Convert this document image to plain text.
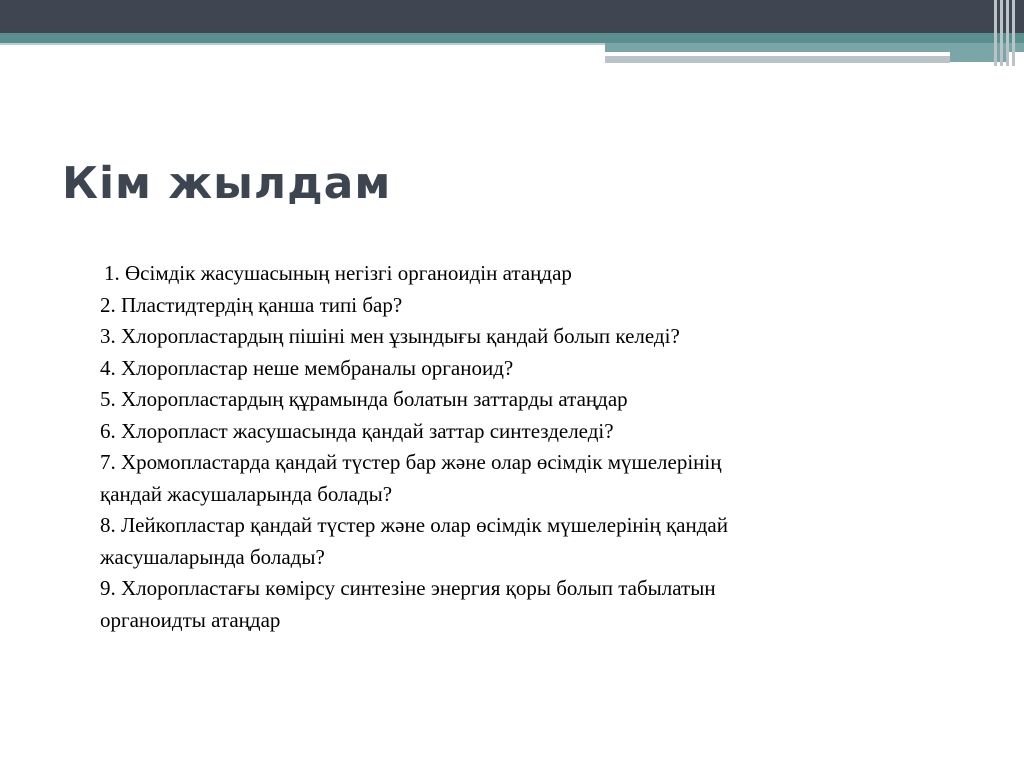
Кім жылдам
1. Өсімдік жасушасының негізгі органоидін атаңдар
2. Пластидтердің қанша типі бар?
3. Хлоропластардың пішіні мен ұзындығы қандай болып келеді?
4. Хлоропластар неше мембраналы органоид?
5. Хлоропластардың құрамында болатын заттарды атаңдар
6. Хлоропласт жасушасында қандай заттар синтезделеді?
7. Хромопластарда қандай түстер бар және олар өсімдік мүшелерінің
қандай жасушаларында болады?
8. Лейкопластар қандай түстер және олар өсімдік мүшелерінің қандай
жасушаларында болады?
9. Хлоропластағы көмірсу синтезіне энергия қоры болып табылатын
органоидты атаңдар
